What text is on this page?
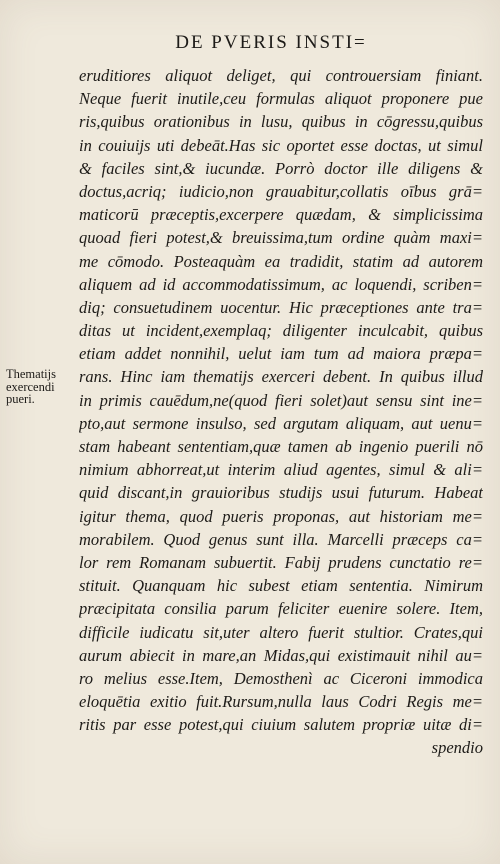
DE PVERIS INSTI=
Thematijs
exercendi
pueri.
eruditiores aliquot deliget, qui controuersiam finiant.
Neque fuerit inutile,ceu formulas aliquot proponere pue
ris,quibus orationibus in lusu, quibus in cōgressu,quibus
in couiuijs uti debeāt.Has sic oportet esse doctas, ut simul
& faciles sint,& iucundæ. Porrò doctor ille diligens &
doctus,acriq; iudicio,non grauabitur,collatis oībus grā=
maticorū præceptis,excerpere quædam, & simplicissima
quoad fieri potest,& breuissima,tum ordine quàm maxi=
me cōmodo. Posteaquàm ea tradidit, statim ad autorem
aliquem ad id accommodatissimum, ac loquendi, scriben=
diq; consuetudinem uocentur. Hic præceptiones ante tra=
ditas ut incident,exemplaq; diligenter inculcabit, quibus
etiam addet nonnihil, uelut iam tum ad maiora præpa=
rans. Hinc iam thematijs exerceri debent. In quibus illud
in primis cauēdum,ne(quod fieri solet)aut sensu sint ine=
pto,aut sermone insulso, sed argutam aliquam, aut uenu=
stam habeant sententiam,quæ tamen ab ingenio puerili nō
nimium abhorreat,ut interim aliud agentes, simul & ali=
quid discant,in grauioribus studijs usui futurum. Habeat
igitur thema, quod pueris proponas, aut historiam me=
morabilem. Quod genus sunt illa. Marcelli præceps ca=
lor rem Romanam subuertit. Fabij prudens cunctatio re=
stituit. Quanquam hic subest etiam sententia. Nimirum
præcipitata consilia parum feliciter euenire solere. Item,
difficile iudicatu sit,uter altero fuerit stultior. Crates,qui
aurum abiecit in mare,an Midas,qui existimauit nihil au=
ro melius esse.Item, Demosthenì ac Ciceroni immodica
eloquētia exitio fuit.Rursum,nulla laus Codri Regis me=
ritis par esse potest,qui ciuium salutem propriæ uitæ di=
spendio
